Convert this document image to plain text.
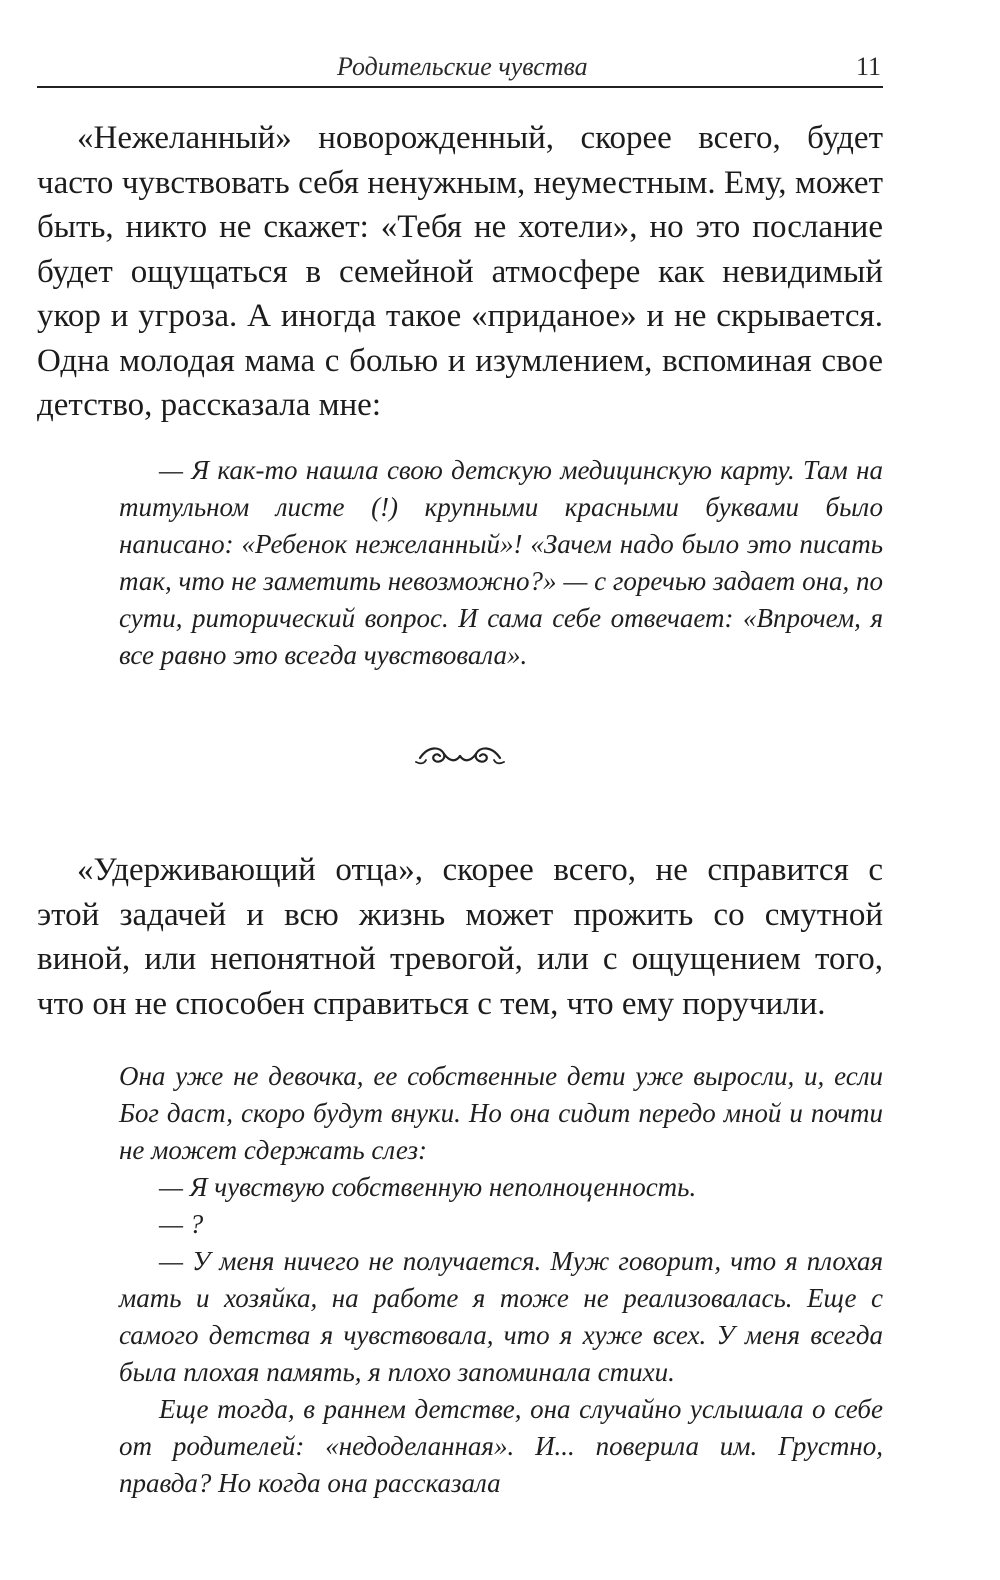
Родительские чувства	11

«Нежеланный» новорожденный, скорее всего, будет часто чувствовать себя ненужным, неуместным. Ему, может быть, никто не скажет: «Тебя не хотели», но это послание будет ощущаться в семейной атмосфере как невидимый укор и угроза. А иногда такое «приданое» и не скрывается. Одна молодая мама с болью и изумлением, вспоминая свое детство, рассказала мне:

— Я как-то нашла свою детскую медицинскую карту. Там на титульном листе (!) крупными красными буквами было написано: «Ребенок нежеланный»! «Зачем надо было это писать так, что не заметить невозможно?» — с горечью задает она, по сути, риторический вопрос. И сама себе отвечает: «Впрочем, я все равно это всегда чувствовала».

«Удерживающий отца», скорее всего, не справится с этой задачей и всю жизнь может прожить со смутной виной, или непонятной тревогой, или с ощущением того, что он не способен справиться с тем, что ему поручили.

Она уже не девочка, ее собственные дети уже выросли, и, если Бог даст, скоро будут внуки. Но она сидит передо мной и почти не может сдержать слез:

— Я чувствую собственную неполноценность.

— ?

— У меня ничего не получается. Муж говорит, что я плохая мать и хозяйка, на работе я тоже не реализовалась. Еще с самого детства я чувствовала, что я хуже всех. У меня всегда была плохая память, я плохо запоминала стихи.

Еще тогда, в раннем детстве, она случайно услышала о себе от родителей: «недоделанная». И... поверила им. Грустно, правда? Но когда она рассказала
